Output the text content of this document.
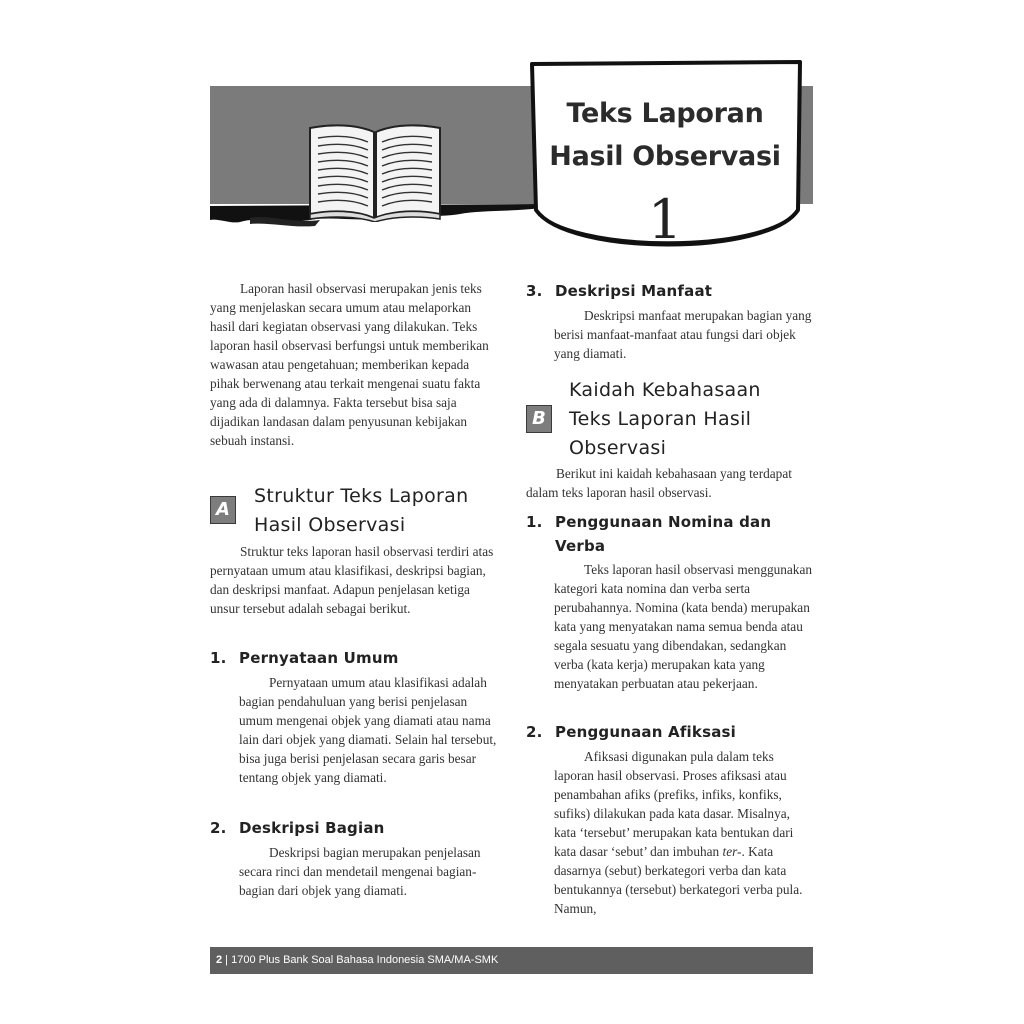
Teks Laporan
Hasil Observasi
1

Laporan hasil observasi merupakan jenis teks yang menjelaskan secara umum atau melaporkan hasil dari kegiatan observasi yang dilakukan. Teks laporan hasil observasi berfungsi untuk memberikan wawasan atau pengetahuan; memberikan kepada pihak berwenang atau terkait mengenai suatu fakta yang ada di dalamnya. Fakta tersebut bisa saja dijadikan landasan dalam penyusunan kebijakan sebuah instansi.

A
Struktur Teks Laporan
Hasil Observasi

Struktur teks laporan hasil observasi terdiri atas pernyataan umum atau klasifikasi, deskripsi bagian, dan deskripsi manfaat. Adapun penjelasan ketiga unsur tersebut adalah sebagai berikut.

1. Pernyataan Umum

Pernyataan umum atau klasifikasi adalah bagian pendahuluan yang berisi penjelasan umum mengenai objek yang diamati atau nama lain dari objek yang diamati. Selain hal tersebut, bisa juga berisi penjelasan secara garis besar tentang objek yang diamati.

2. Deskripsi Bagian

Deskripsi bagian merupakan penjelasan secara rinci dan mendetail mengenai bagian-bagian dari objek yang diamati.

3. Deskripsi Manfaat

Deskripsi manfaat merupakan bagian yang berisi manfaat-manfaat atau fungsi dari objek yang diamati.

B
Kaidah Kebahasaan
Teks Laporan Hasil
Observasi

Berikut ini kaidah kebahasaan yang terdapat dalam teks laporan hasil observasi.

1. Penggunaan Nomina dan
Verba

Teks laporan hasil observasi menggunakan kategori kata nomina dan verba serta perubahannya. Nomina (kata benda) merupakan kata yang menyatakan nama semua benda atau segala sesuatu yang dibendakan, sedangkan verba (kata kerja) merupakan kata yang menyatakan perbuatan atau pekerjaan.

2. Penggunaan Afiksasi

Afiksasi digunakan pula dalam teks laporan hasil observasi. Proses afiksasi atau penambahan afiks (prefiks, infiks, konfiks, sufiks) dilakukan pada kata dasar. Misalnya, kata ‘tersebut’ merupakan kata bentukan dari kata dasar ‘sebut’ dan imbuhan ter-. Kata dasarnya (sebut) berkategori verba dan kata bentukannya (tersebut) berkategori verba pula. Namun,

2 | 1700 Plus Bank Soal Bahasa Indonesia SMA/MA-SMK
